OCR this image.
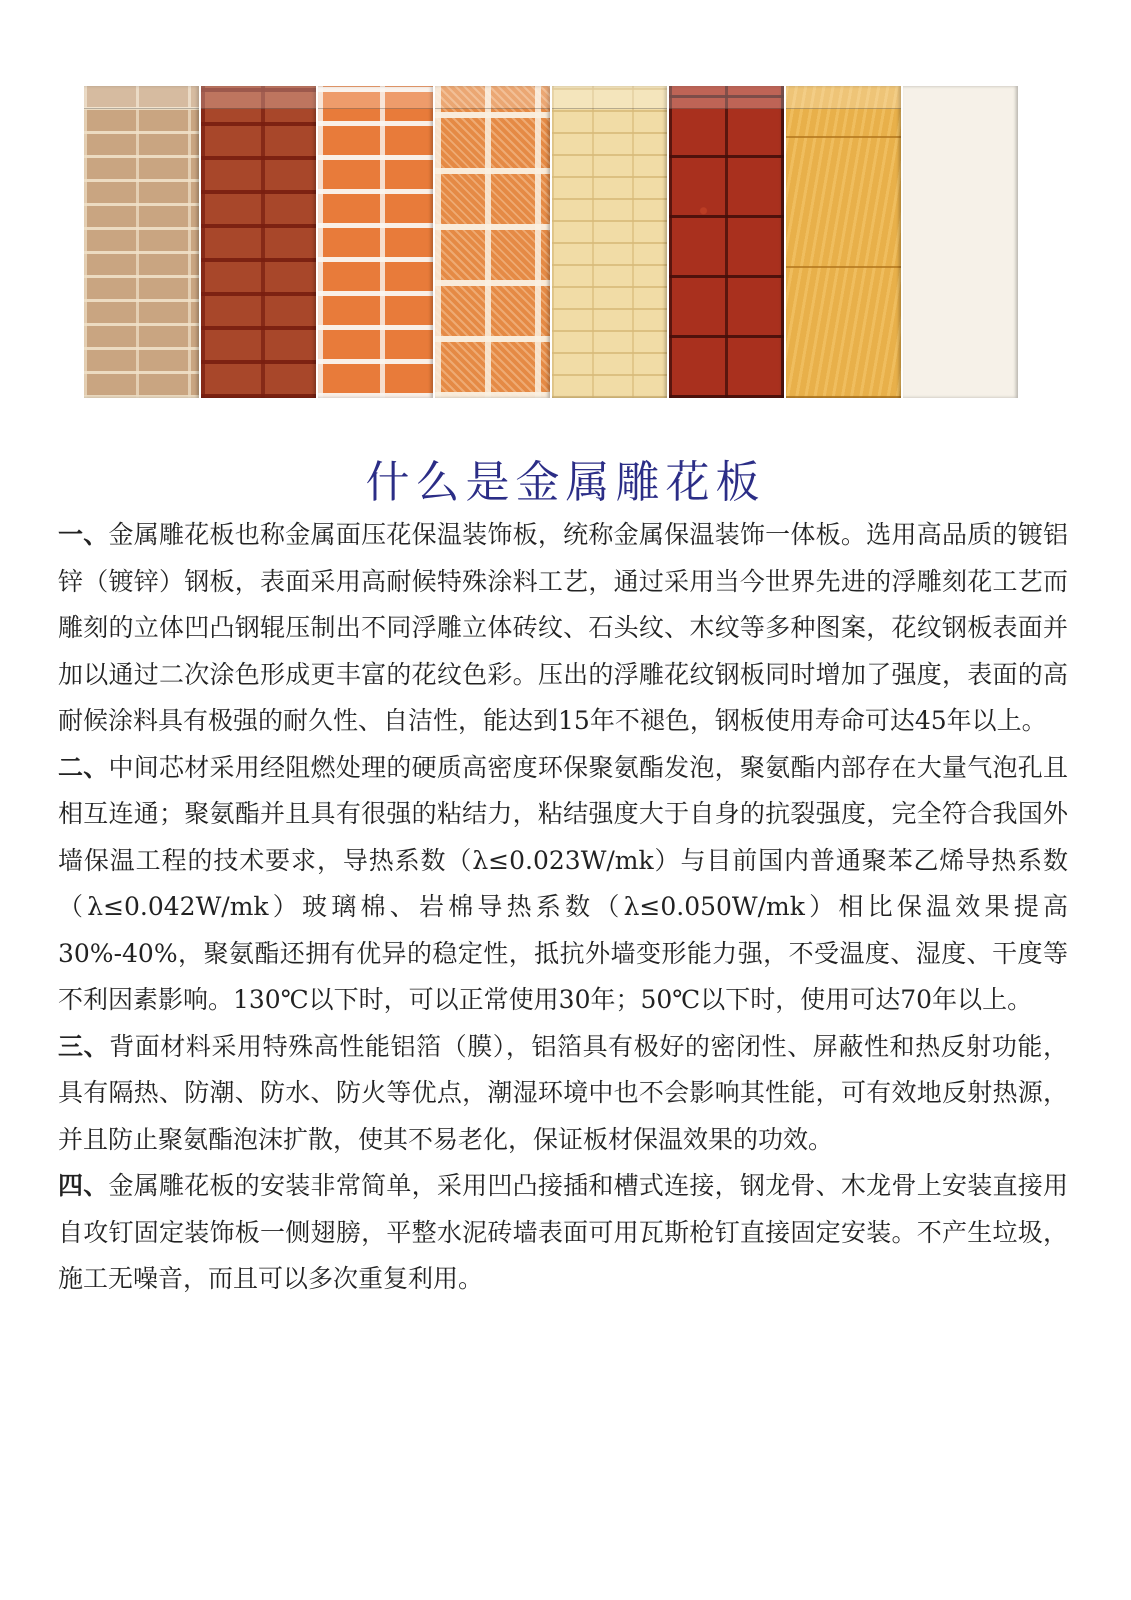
什么是金属雕花板

一、金属雕花板也称金属面压花保温装饰板，统称金属保温装饰一体板。选用高品质的镀铝锌（镀锌）钢板，表面采用高耐候特殊涂料工艺，通过采用当今世界先进的浮雕刻花工艺而雕刻的立体凹凸钢辊压制出不同浮雕立体砖纹、石头纹、木纹等多种图案，花纹钢板表面并加以通过二次涂色形成更丰富的花纹色彩。压出的浮雕花纹钢板同时增加了强度，表面的高耐候涂料具有极强的耐久性、自洁性，能达到15年不褪色，钢板使用寿命可达45年以上。

二、中间芯材采用经阻燃处理的硬质高密度环保聚氨酯发泡，聚氨酯内部存在大量气泡孔且相互连通；聚氨酯并且具有很强的粘结力，粘结强度大于自身的抗裂强度，完全符合我国外墙保温工程的技术要求，导热系数（λ≤0.023W/mk）与目前国内普通聚苯乙烯导热系数（λ≤0.042W/mk）玻璃棉、岩棉导热系数（λ≤0.050W/mk）相比保温效果提高30%-40%，聚氨酯还拥有优异的稳定性，抵抗外墙变形能力强，不受温度、湿度、干度等不利因素影响。130℃以下时，可以正常使用30年；50℃以下时，使用可达70年以上。

三、背面材料采用特殊高性能铝箔（膜），铝箔具有极好的密闭性、屏蔽性和热反射功能，具有隔热、防潮、防水、防火等优点，潮湿环境中也不会影响其性能，可有效地反射热源，并且防止聚氨酯泡沫扩散，使其不易老化，保证板材保温效果的功效。

四、金属雕花板的安装非常简单，采用凹凸接插和槽式连接，钢龙骨、木龙骨上安装直接用自攻钉固定装饰板一侧翅膀，平整水泥砖墙表面可用瓦斯枪钉直接固定安装。不产生垃圾，施工无噪音，而且可以多次重复利用。
